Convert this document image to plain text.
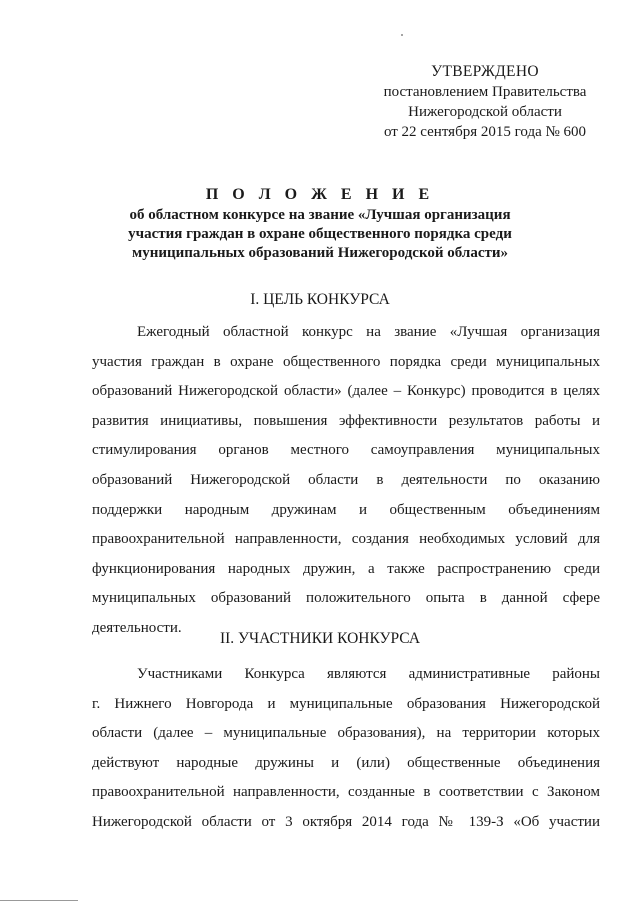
УТВЕРЖДЕНО
постановлением Правительства
Нижегородской области
от 22 сентября 2015 года № 600
П О Л О Ж Е Н И Е
об областном конкурсе на звание «Лучшая организация
участия граждан в охране общественного порядка среди
муниципальных образований Нижегородской области»
I. ЦЕЛЬ КОНКУРСА
Ежегодный областной конкурс на звание «Лучшая организация
участия граждан в охране общественного порядка среди муниципальных
образований Нижегородской области» (далее – Конкурс) проводится в целях
развития инициативы, повышения эффективности результатов работы и
стимулирования органов местного самоуправления муниципальных
образований Нижегородской области в деятельности по оказанию
поддержки народным дружинам и общественным объединениям
правоохранительной направленности, создания необходимых условий для
функционирования народных дружин, а также распространению среди
муниципальных образований положительного опыта в данной сфере
деятельности.
II. УЧАСТНИКИ КОНКУРСА
Участниками Конкурса являются административные районы
г. Нижнего Новгорода и муниципальные образования Нижегородской
области (далее – муниципальные образования), на территории которых
действуют народные дружины и (или) общественные объединения
правоохранительной направленности, созданные в соответствии с Законом
Нижегородской области от 3 октября 2014 года № 139-З «Об участии
